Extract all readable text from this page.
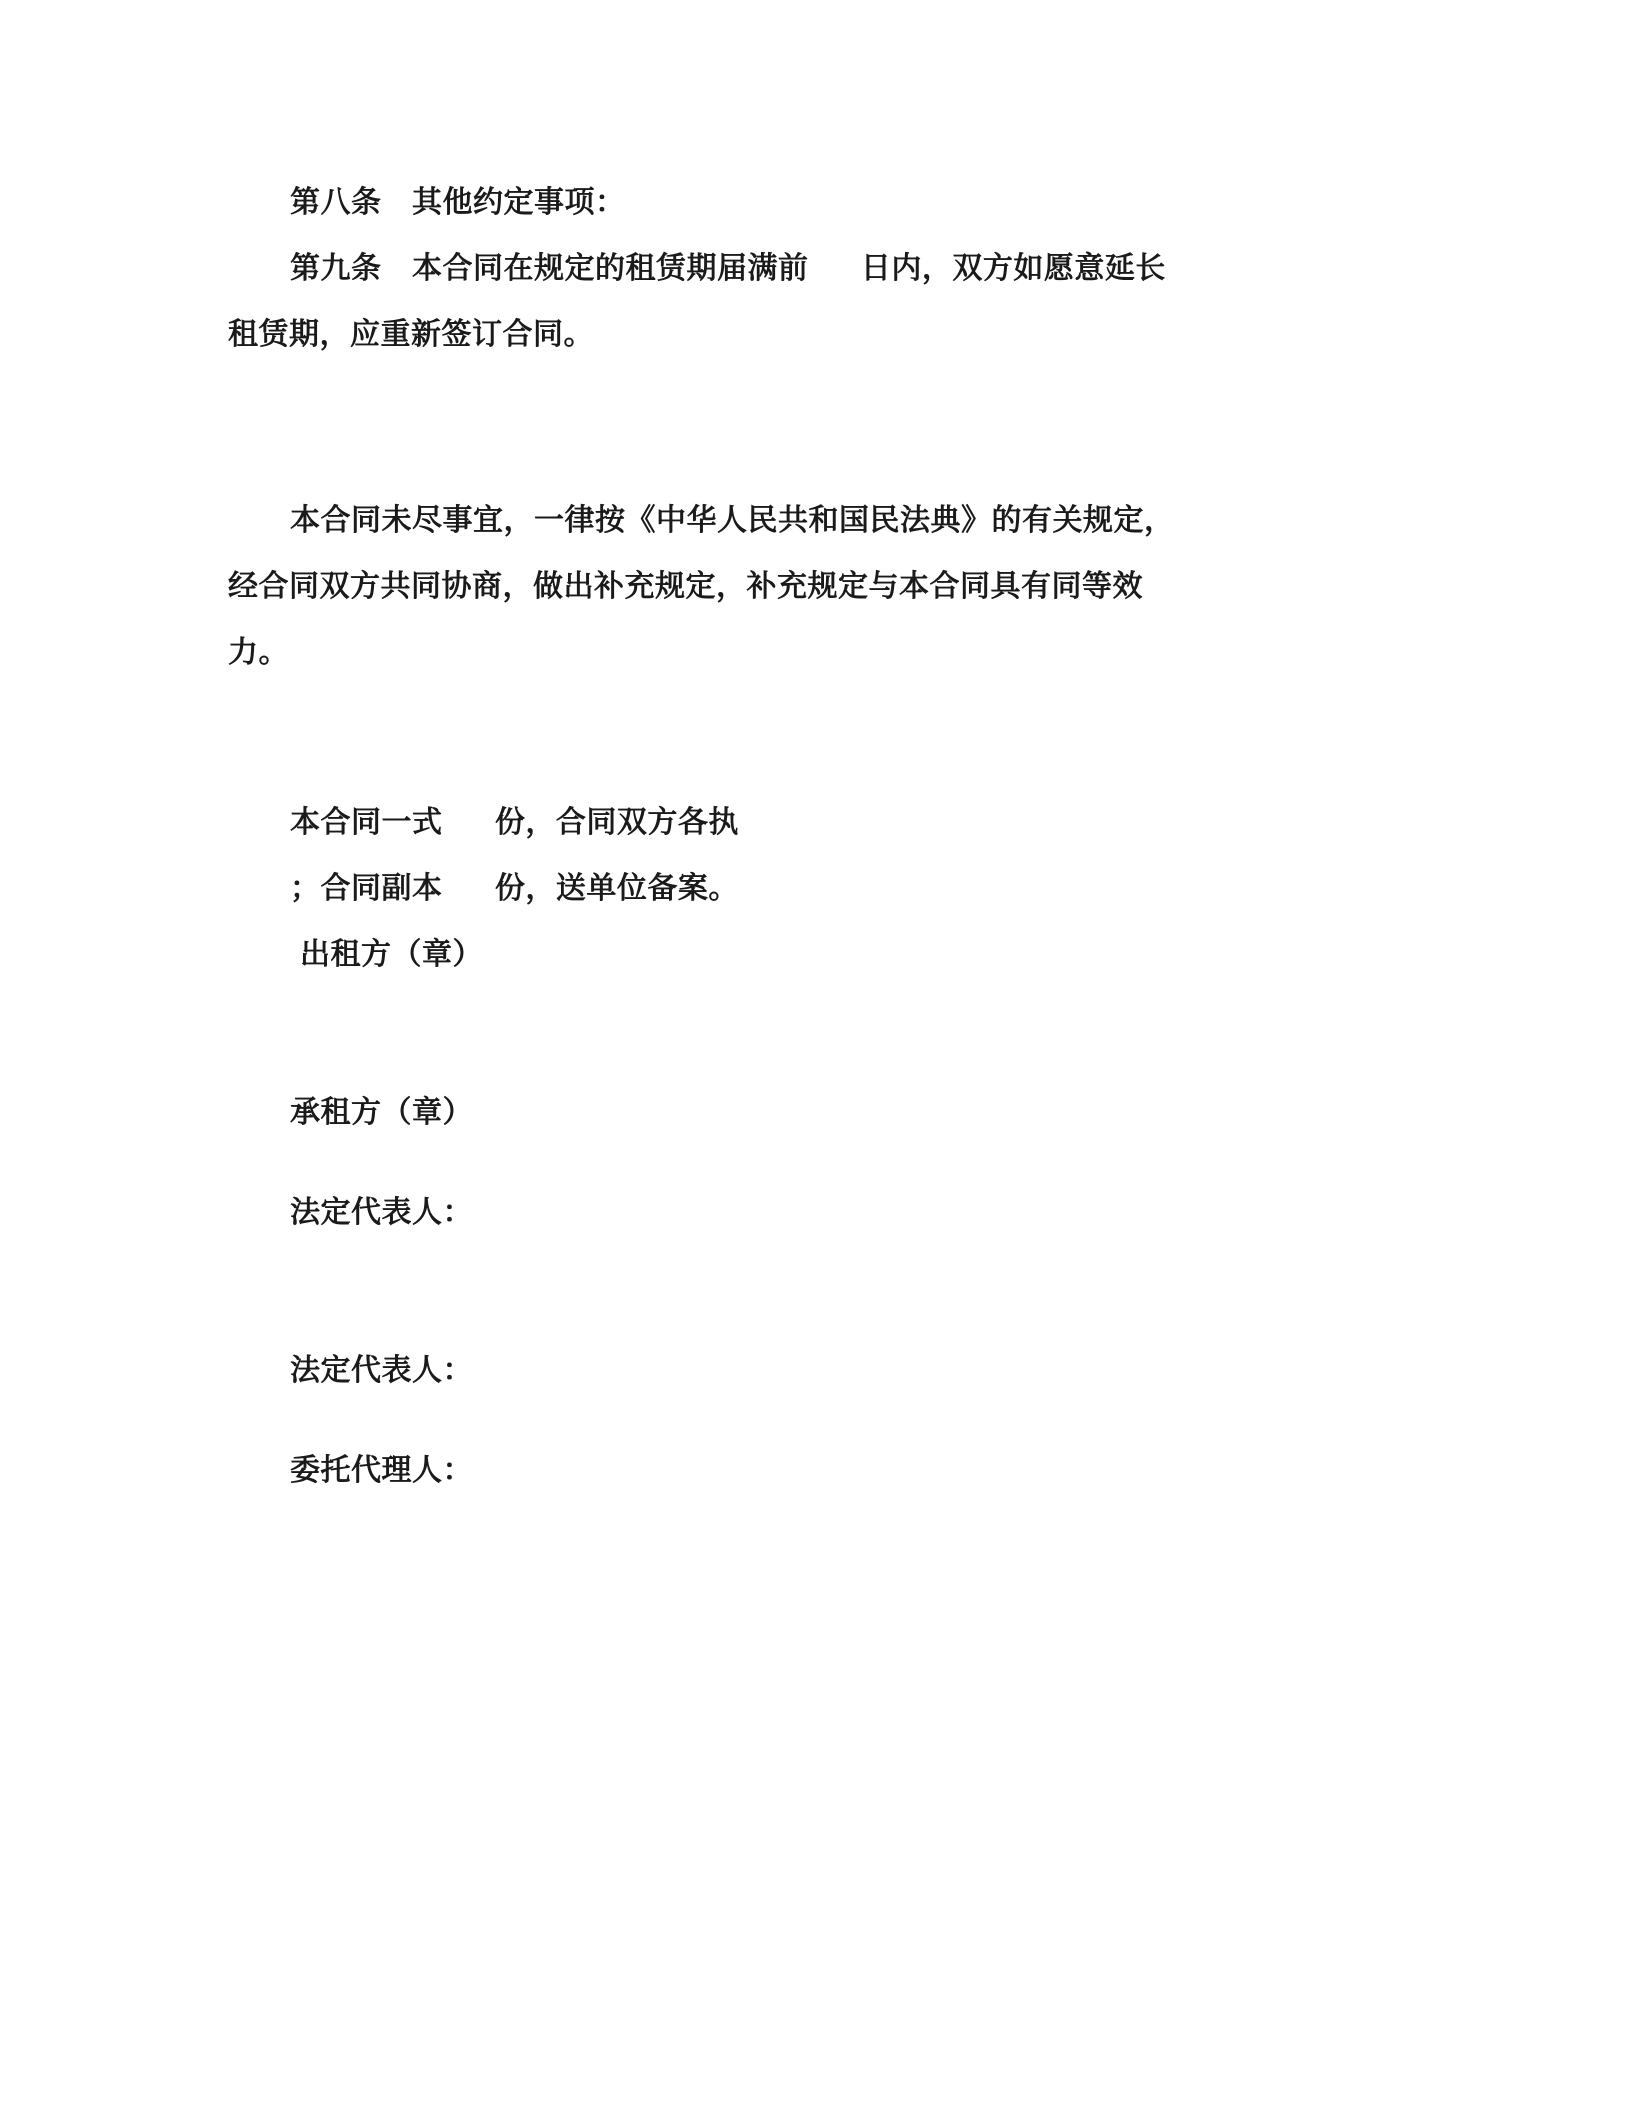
第八条　其他约定事项：

第九条　本合同在规定的租赁期届满前　  日内，双方如愿意延长

租赁期，应重新签订合同。

本合同未尽事宜，一律按《中华人民共和国民法典》的有关规定，

经合同双方共同协商，做出补充规定，补充规定与本合同具有同等效

力。

本合同一式　  份，合同双方各执

；合同副本　  份，送单位备案。

出租方（章）

承租方（章）

法定代表人：

法定代表人：

委托代理人：
